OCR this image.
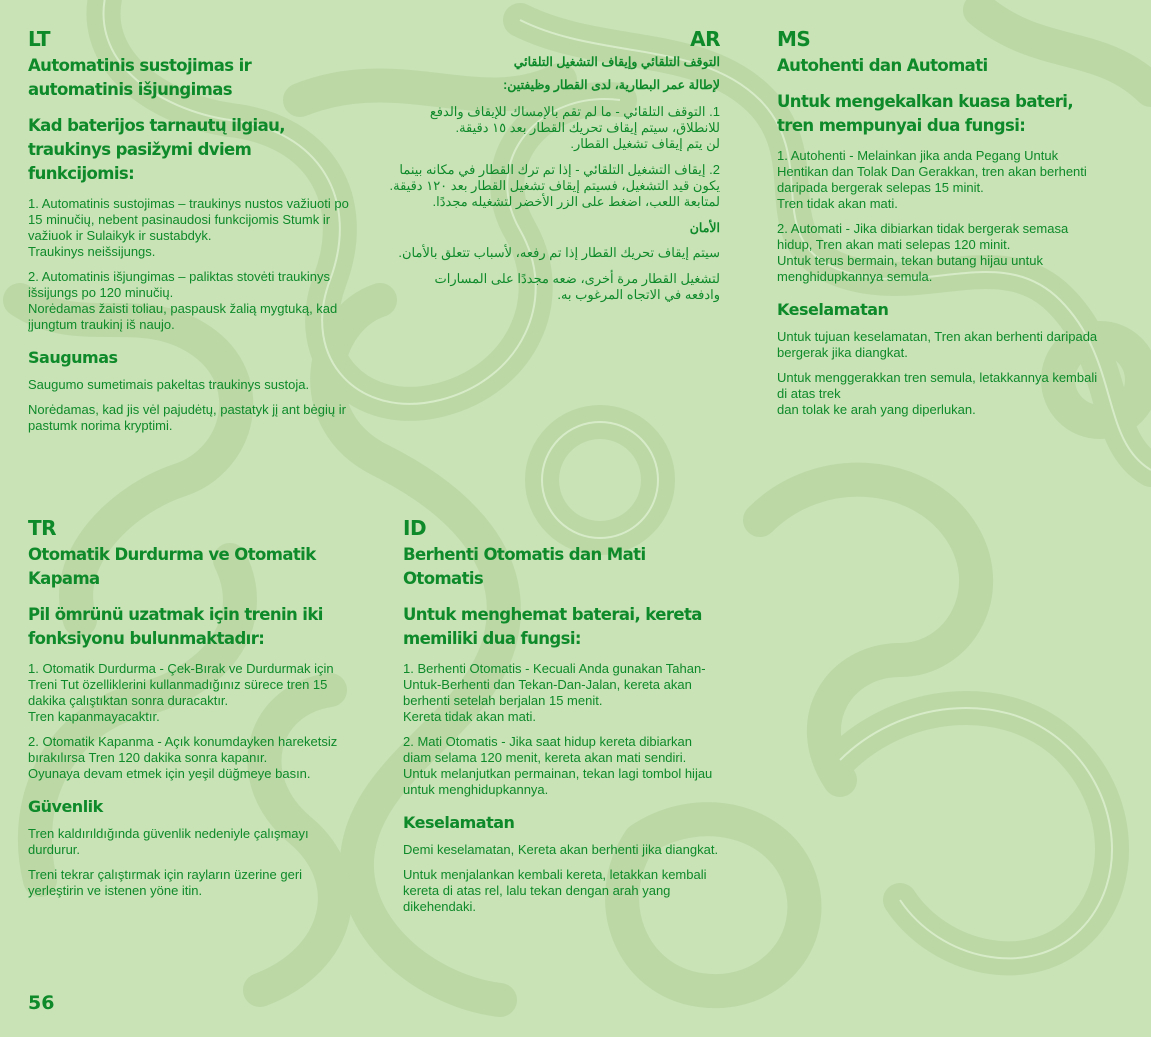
LT
Automatinis sustojimas ir automatinis išjungimas
Kad baterijos tarnautų ilgiau, traukinys pasižymi dviem funkcijomis:
1. Automatinis sustojimas – traukinys nustos važiuoti po 15 minučių, nebent pasinaudosi funkcijomis Stumk ir važiuok ir Sulaikyk ir sustabdyk.
Traukinys neišsijungs.
2. Automatinis išjungimas – paliktas stovėti traukinys išsijungs po 120 minučių.
Norėdamas žaisti toliau, paspausk žalią mygtuką, kad įjungtum traukinį iš naujo.
Saugumas
Saugumo sumetimais pakeltas traukinys sustoja.
Norėdamas, kad jis vėl pajudėtų, pastatyk jį ant bėgių ir pastumk norima kryptimi.
AR
التوقف التلقائي وإيقاف التشغيل التلقائي
لإطالة عمر البطارية، لدى القطار وظيفتين:
1. التوقف التلقائي - ما لم تقم بالإمساك للإيقاف والدفع للانطلاق، سيتم إيقاف تحريك القطار بعد ١٥ دقيقة.
لن يتم إيقاف تشغيل القطار.
2. إيقاف التشغيل التلقائي - إذا تم ترك القطار في مكانه بينما يكون قيد التشغيل، فسيتم إيقاف تشغيل القطار بعد ١٢٠ دقيقة.
لمتابعة اللعب، اضغط على الزر الأخضر لتشغيله مجددًا.
الأمان
سيتم إيقاف تحريك القطار إذا تم رفعه، لأسباب تتعلق بالأمان.
لتشغيل القطار مرة أخرى، ضعه مجددًا على المسارات
وادفعه في الاتجاه المرغوب به.
MS
Autohenti dan Automati
Untuk mengekalkan kuasa bateri, tren mempunyai dua fungsi:
1. Autohenti - Melainkan jika anda Pegang Untuk Hentikan dan Tolak Dan Gerakkan, tren akan berhenti daripada bergerak selepas 15 minit.
Tren tidak akan mati.
2. Automati - Jika dibiarkan tidak bergerak semasa hidup, Tren akan mati selepas 120 minit.
Untuk terus bermain, tekan butang hijau untuk menghidupkannya semula.
Keselamatan
Untuk tujuan keselamatan, Tren akan berhenti daripada bergerak jika diangkat.
Untuk menggerakkan tren semula, letakkannya kembali di atas trek
dan tolak ke arah yang diperlukan.
TR
Otomatik Durdurma ve Otomatik Kapama
Pil ömrünü uzatmak için trenin iki fonksiyonu bulunmaktadır:
1. Otomatik Durdurma - Çek-Bırak ve Durdurmak için Treni Tut özelliklerini kullanmadığınız sürece tren 15 dakika çalıştıktan sonra duracaktır.
Tren kapanmayacaktır.
2. Otomatik Kapanma - Açık konumdayken hareketsiz bırakılırsa Tren 120 dakika sonra kapanır.
Oyunaya devam etmek için yeşil düğmeye basın.
Güvenlik
Tren kaldırıldığında güvenlik nedeniyle çalışmayı durdurur.
Treni tekrar çalıştırmak için rayların üzerine geri yerleştirin ve istenen yöne itin.
ID
Berhenti Otomatis dan Mati Otomatis
Untuk menghemat baterai, kereta memiliki dua fungsi:
1. Berhenti Otomatis - Kecuali Anda gunakan Tahan-Untuk-Berhenti dan Tekan-Dan-Jalan, kereta akan berhenti setelah berjalan 15 menit.
Kereta tidak akan mati.
2. Mati Otomatis - Jika saat hidup kereta dibiarkan diam selama 120 menit, kereta akan mati sendiri.
Untuk melanjutkan permainan, tekan lagi tombol hijau untuk menghidupkannya.
Keselamatan
Demi keselamatan, Kereta akan berhenti jika diangkat.
Untuk menjalankan kembali kereta, letakkan kembali kereta di atas rel, lalu tekan dengan arah yang dikehendaki.
56
